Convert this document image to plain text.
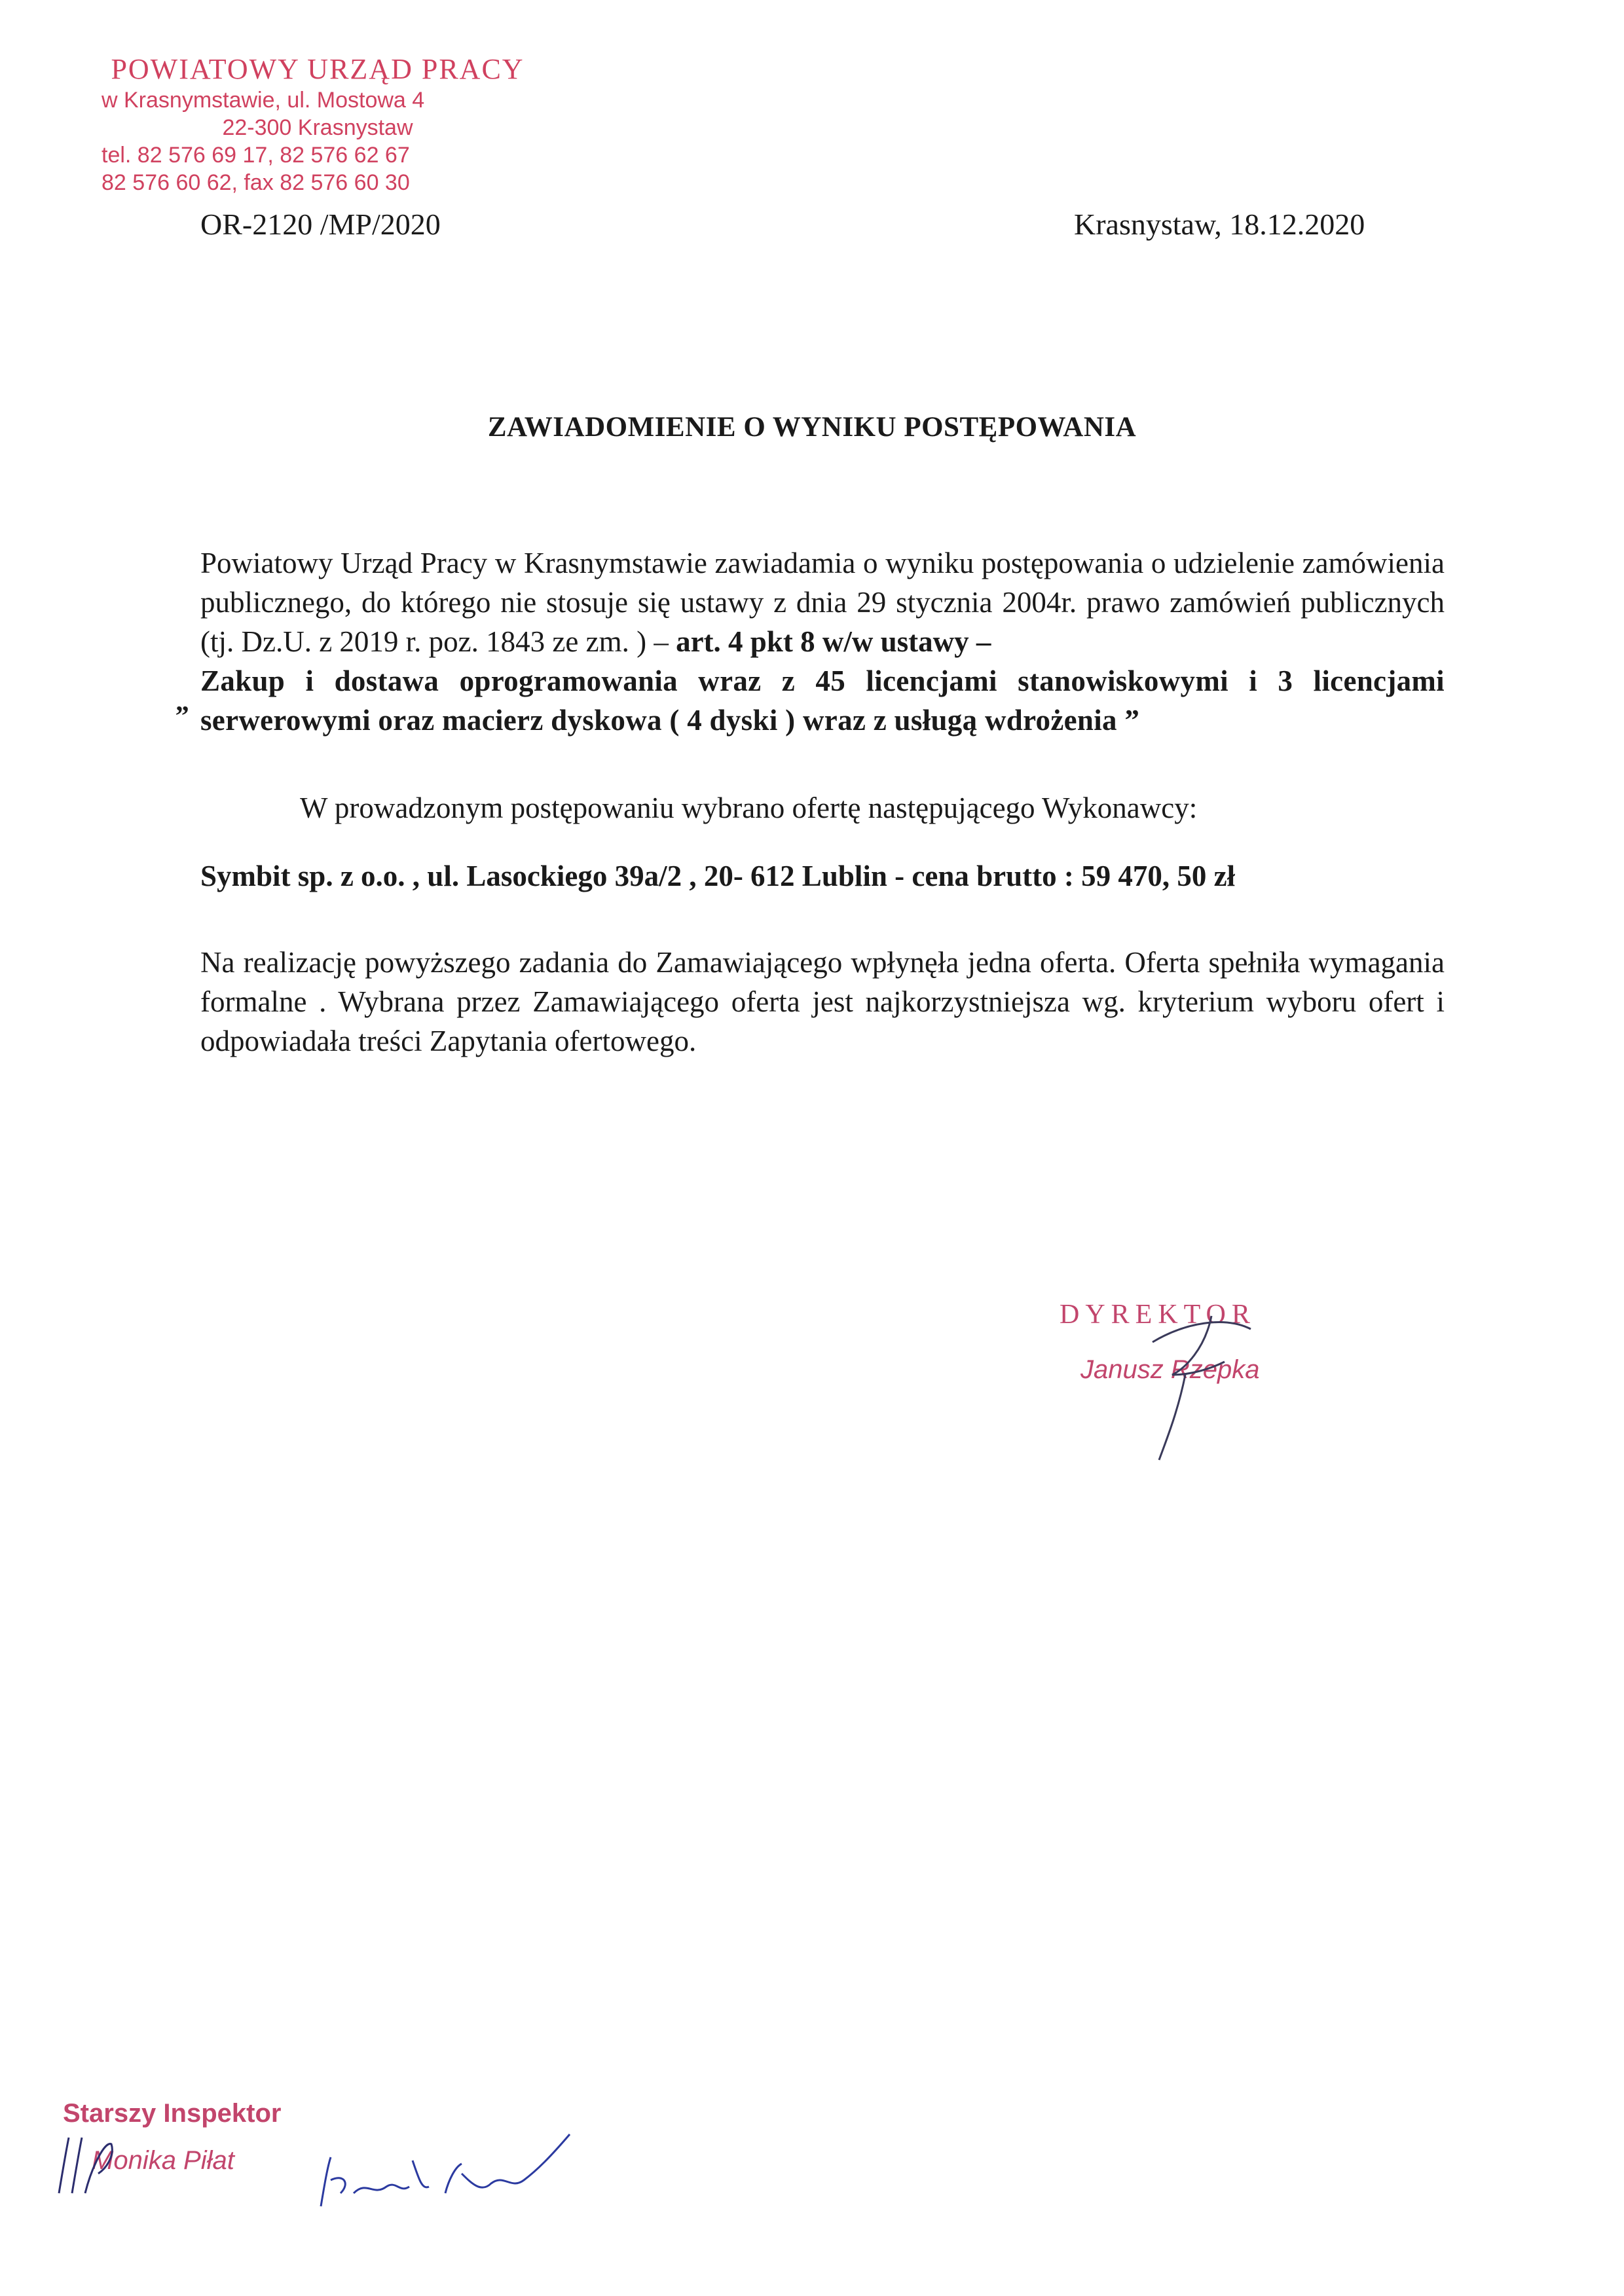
POWIATOWY URZĄD PRACY
w Krasnymstawie, ul. Mostowa 4
22-300 Krasnystaw
tel. 82 576 69 17, 82 576 62 67
82 576 60 62, fax 82 576 60 30
OR-2120 /MP/2020	Krasnystaw, 18.12.2020
ZAWIADOMIENIE O WYNIKU POSTĘPOWANIA
„
Powiatowy Urząd Pracy w Krasnymstawie zawiadamia o wyniku postępowania o udzielenie zamówienia publicznego, do którego nie stosuje się ustawy z dnia 29 stycznia 2004r. prawo zamówień publicznych (tj. Dz.U. z 2019 r. poz. 1843 ze zm. ) – art. 4 pkt 8 w/w ustawy –
Zakup i dostawa oprogramowania wraz z 45 licencjami stanowiskowymi i 3 licencjami serwerowymi oraz macierz dyskowa ( 4 dyski ) wraz z usługą wdrożenia ”
W prowadzonym postępowaniu wybrano ofertę następującego Wykonawcy:
Symbit sp. z o.o. , ul. Lasockiego 39a/2 , 20- 612 Lublin - cena brutto : 59 470, 50 zł
Na realizację powyższego zadania do Zamawiającego wpłynęła jedna oferta. Oferta spełniła wymagania formalne . Wybrana przez Zamawiającego oferta jest najkorzystniejsza wg. kryterium wyboru ofert i odpowiadała treści Zapytania ofertowego.
DYREKTOR
Janusz Rzepka
Starszy Inspektor
Monika Piłat
